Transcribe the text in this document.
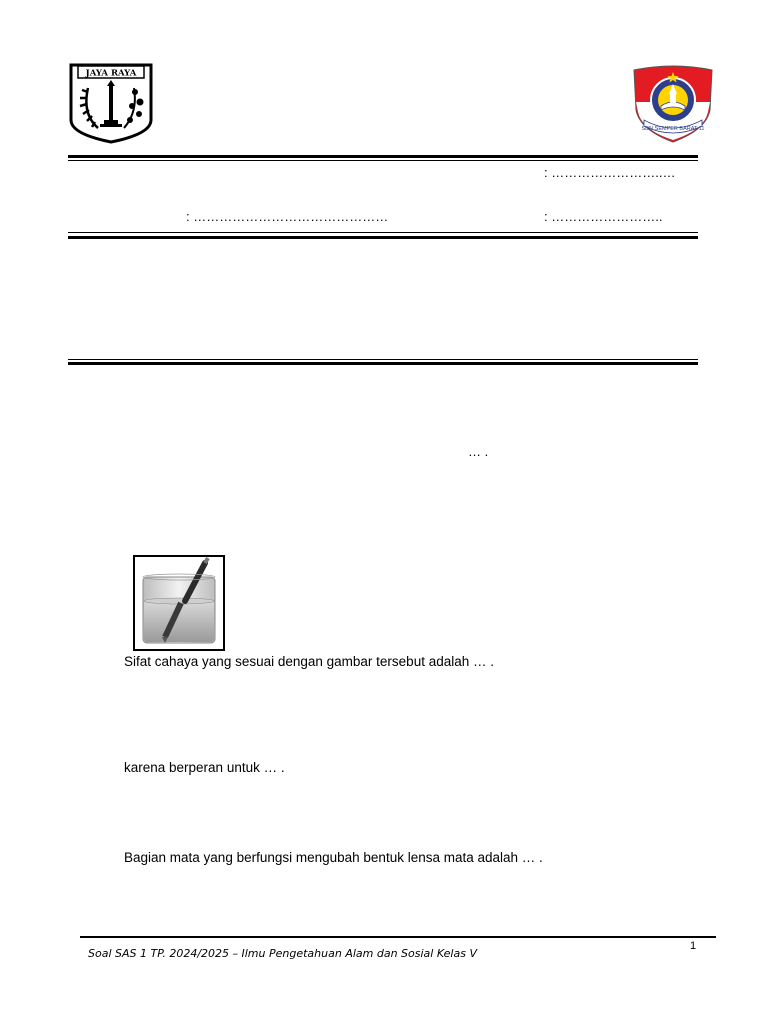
JAYA RAYA
SDN SEMPER BARAT 11
: ……………………..…
: ………………………………………	: ……………………..
… .
Sifat cahaya yang sesuai dengan gambar tersebut adalah … .
karena berperan untuk … .
Bagian mata yang berfungsi mengubah bentuk lensa mata adalah … .
1
Soal SAS 1 TP. 2024/2025 – Ilmu Pengetahuan Alam dan Sosial Kelas V
